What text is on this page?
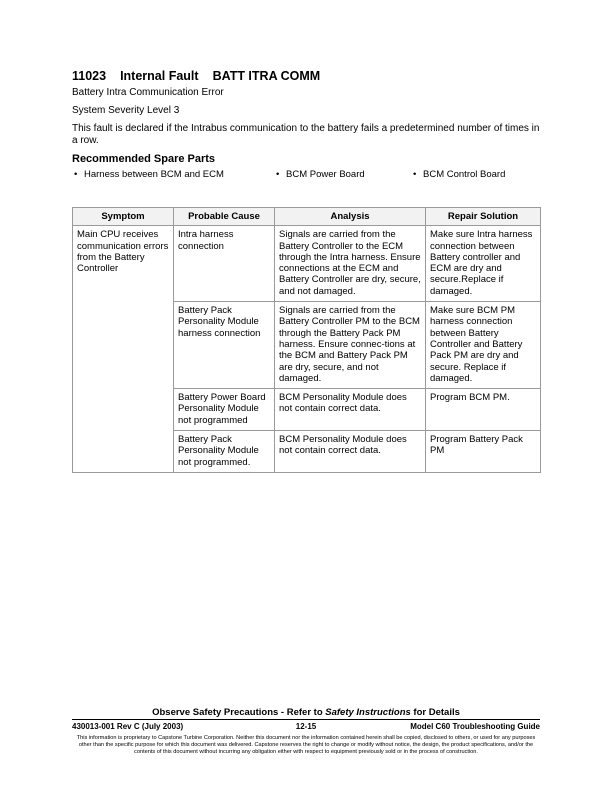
11023 Internal Fault BATT ITRA COMM
Battery Intra Communication Error
System Severity Level 3
This fault is declared if the Intrabus communication to the battery fails a predetermined number of times in a row.
Recommended Spare Parts
• Harness between BCM and ECM	• BCM Power Board	• BCM Control Board
Symptom	Probable Cause	Analysis	Repair Solution
Main CPU receives communication errors from the Battery Controller	Intra harness connection	Signals are carried from the Battery Controller to the ECM through the Intra harness. Ensure connections at the ECM and Battery Controller are dry, secure, and not damaged.	Make sure Intra harness connection between Battery controller and ECM are dry and secure.Replace if damaged.
	Battery Pack Personality Module harness connection	Signals are carried from the Battery Controller PM to the BCM through the Battery Pack PM harness. Ensure connec-tions at the BCM and Battery Pack PM are dry, secure, and not damaged.	Make sure BCM PM harness connection between Battery Controller and Battery Pack PM are dry and secure. Replace if damaged.
	Battery Power Board Personality Module not programmed	BCM Personality Module does not contain correct data.	Program BCM PM.
	Battery Pack Personality Module not programmed.	BCM Personality Module does not contain correct data.	Program Battery Pack PM
Observe Safety Precautions - Refer to Safety Instructions for Details
430013-001 Rev C (July 2003)	12-15	Model C60 Troubleshooting Guide
This information is proprietary to Capstone Turbine Corporation. Neither this document nor the information contained herein shall be copied, disclosed to others, or used for any purposes other than the specific purpose for which this document was delivered. Capstone reserves the right to change or modify without notice, the design, the product specifications, and/or the contents of this document without incurring any obligation either with respect to equipment previously sold or in the process of construction.
